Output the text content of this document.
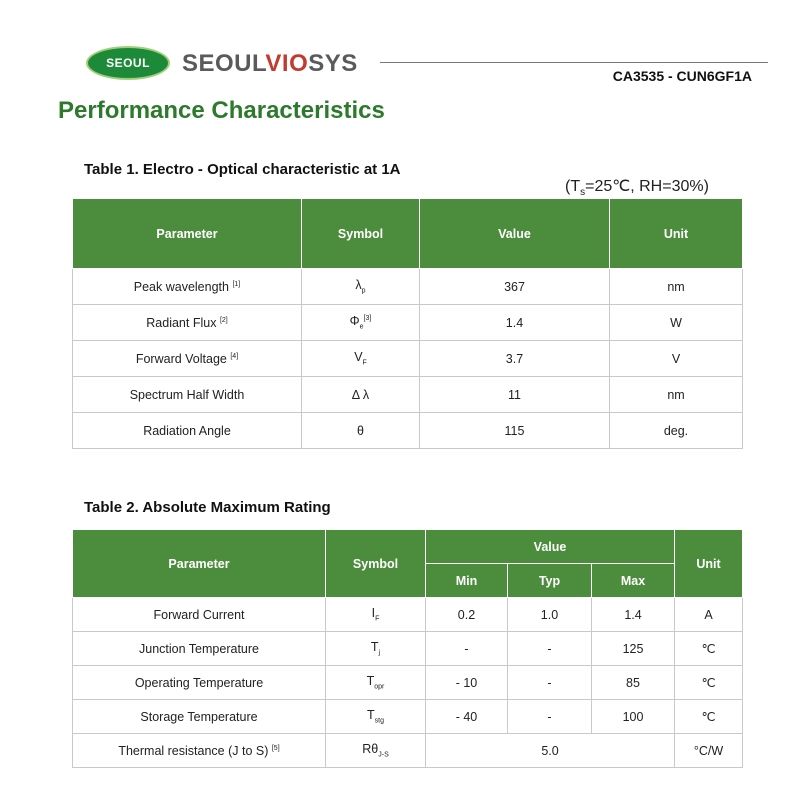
SEOUL	SEOULVIOSYS	CA3535 - CUN6GF1A
Performance Characteristics
Table 1. Electro - Optical characteristic at 1A
($T_s=25℃$, RH=30%)
Parameter	Symbol	Value	Unit
Peak wavelength [1]	$\lambda_p$	367	nm
Radiant Flux [2]	$\Phi_e[3]$	1.4	W
Forward Voltage [4]	$V_F$	3.7	V
Spectrum Half Width	Δ λ	11	nm
Radiation Angle	θ	115	deg.
Table 2. Absolute Maximum Rating
Parameter	Symbol	Value			Unit
		Min	Typ	Max	
Forward Current	$I_F$	0.2	1.0	1.4	A
Junction Temperature	$T_j$	-	-	125	℃
Operating Temperature	$T_{opr}$	- 10	-	85	℃
Storage Temperature	$T_{stg}$	- 40	-	100	℃
Thermal resistance (J to S) [5]	$R\theta_{J-S}$	5.0			°C/W
